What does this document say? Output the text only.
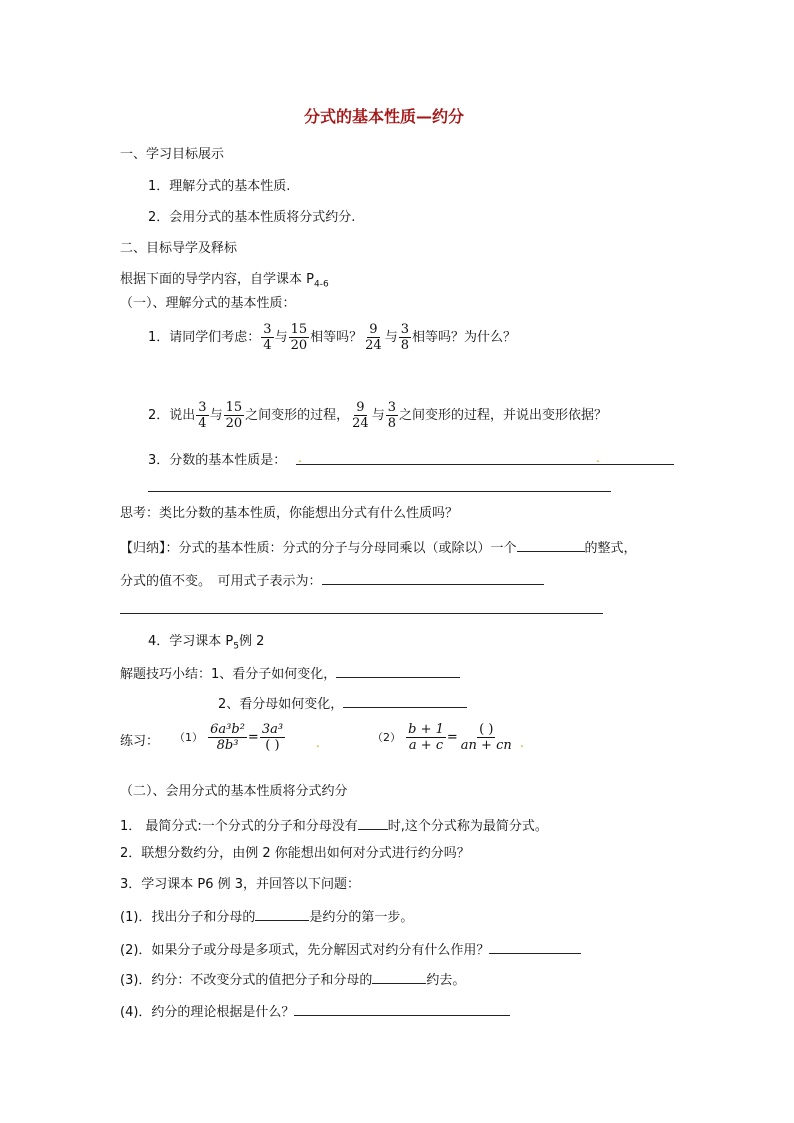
分式的基本性质—约分
一、学习目标展示
1．理解分式的基本性质.
2．会用分式的基本性质将分式约分.
二、目标导学及释标
根据下面的导学内容，自学课本 $P_{4-6}$
（一）、理解分式的基本性质：
1．请同学们考虑： $\frac{3}{4}$ 与 $\frac{15}{20}$ 相等吗？ $\frac{9}{24}$ 与 $\frac{3}{8}$ 相等吗？为什么？
2．说出 $\frac{3}{4}$ 与 $\frac{15}{20}$ 之间变形的过程， $\frac{9}{24}$ 与 $\frac{3}{8}$ 之间变形的过程，并说出变形依据？
3．分数的基本性质是： .	.
思考：类比分数的基本性质，你能想出分式有什么性质吗？
【归纳】：分式的基本性质：分式的分子与分母同乘以（或除以）一个	的整式，
分式的值不变。　可用式子表示为：
4．学习课本 $P_5$例 2
解题技巧小结：1、看分子如何变化，
2、看分母如何变化，
练习： $(1) \frac{\text{6a³b²}}{\text{8b³}} = \frac{\text{3a³}}{( )}$	.	$(2) \frac{b + 1}{a + c} = \frac{( )}{an + cn}$ .
（二）、会用分式的基本性质将分式约分
1． 最简分式:一个分式的分子和分母没有 时,这个分式称为最简分式。
2．联想分数约分，由例 2 你能想出如何对分式进行约分吗？
3．学习课本 P6 例 3，并回答以下问题：
(1)．找出分子和分母的	是约分的第一步。
(2)．如果分子或分母是多项式，先分解因式对约分有什么作用？
(3)．约分：不改变分式的值把分子和分母的	约去。
(4)．约分的理论根据是什么？
